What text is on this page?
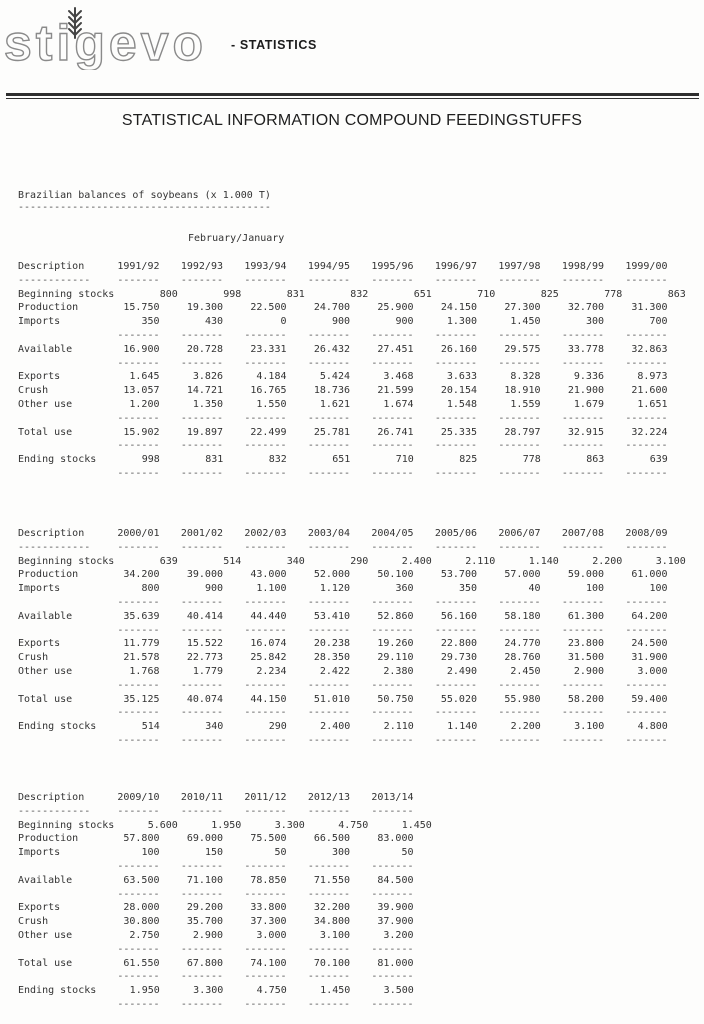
stigevo - STATISTICS
STATISTICAL INFORMATION COMPOUND FEEDINGSTUFFS
Brazilian balances of soybeans (x 1.000 T)
------------------------------------------
February/January
Description	1991/92	1992/93	1993/94	1994/95	1995/96	1996/97	1997/98	1998/99	1999/00
------------	-------	-------	-------	-------	-------	-------	-------	-------	-------
Beginning stocks	800	998	831	832	651	710	825	778	863
Production	15.750	19.300	22.500	24.700	25.900	24.150	27.300	32.700	31.300
Imports	350	430	0	900	900	1.300	1.450	300	700
-------	-------	-------	-------	-------	-------	-------	-------	-------
Available	16.900	20.728	23.331	26.432	27.451	26.160	29.575	33.778	32.863
-------	-------	-------	-------	-------	-------	-------	-------	-------
Exports	1.645	3.826	4.184	5.424	3.468	3.633	8.328	9.336	8.973
Crush	13.057	14.721	16.765	18.736	21.599	20.154	18.910	21.900	21.600
Other use	1.200	1.350	1.550	1.621	1.674	1.548	1.559	1.679	1.651
-------	-------	-------	-------	-------	-------	-------	-------	-------
Total use	15.902	19.897	22.499	25.781	26.741	25.335	28.797	32.915	32.224
-------	-------	-------	-------	-------	-------	-------	-------	-------
Ending stocks	998	831	832	651	710	825	778	863	639
-------	-------	-------	-------	-------	-------	-------	-------	-------
Description	2000/01	2001/02	2002/03	2003/04	2004/05	2005/06	2006/07	2007/08	2008/09
------------	-------	-------	-------	-------	-------	-------	-------	-------	-------
Beginning stocks	639	514	340	290	2.400	2.110	1.140	2.200	3.100
Production	34.200	39.000	43.000	52.000	50.100	53.700	57.000	59.000	61.000
Imports	800	900	1.100	1.120	360	350	40	100	100
-------	-------	-------	-------	-------	-------	-------	-------	-------
Available	35.639	40.414	44.440	53.410	52.860	56.160	58.180	61.300	64.200
-------	-------	-------	-------	-------	-------	-------	-------	-------
Exports	11.779	15.522	16.074	20.238	19.260	22.800	24.770	23.800	24.500
Crush	21.578	22.773	25.842	28.350	29.110	29.730	28.760	31.500	31.900
Other use	1.768	1.779	2.234	2.422	2.380	2.490	2.450	2.900	3.000
-------	-------	-------	-------	-------	-------	-------	-------	-------
Total use	35.125	40.074	44.150	51.010	50.750	55.020	55.980	58.200	59.400
-------	-------	-------	-------	-------	-------	-------	-------	-------
Ending stocks	514	340	290	2.400	2.110	1.140	2.200	3.100	4.800
-------	-------	-------	-------	-------	-------	-------	-------	-------
Description	2009/10	2010/11	2011/12	2012/13	2013/14
------------	-------	-------	-------	-------	-------
Beginning stocks	5.600	1.950	3.300	4.750	1.450
Production	57.800	69.000	75.500	66.500	83.000
Imports	100	150	50	300	50
-------	-------	-------	-------	-------
Available	63.500	71.100	78.850	71.550	84.500
-------	-------	-------	-------	-------
Exports	28.000	29.200	33.800	32.200	39.900
Crush	30.800	35.700	37.300	34.800	37.900
Other use	2.750	2.900	3.000	3.100	3.200
-------	-------	-------	-------	-------
Total use	61.550	67.800	74.100	70.100	81.000
-------	-------	-------	-------	-------
Ending stocks	1.950	3.300	4.750	1.450	3.500
-------	-------	-------	-------	-------
